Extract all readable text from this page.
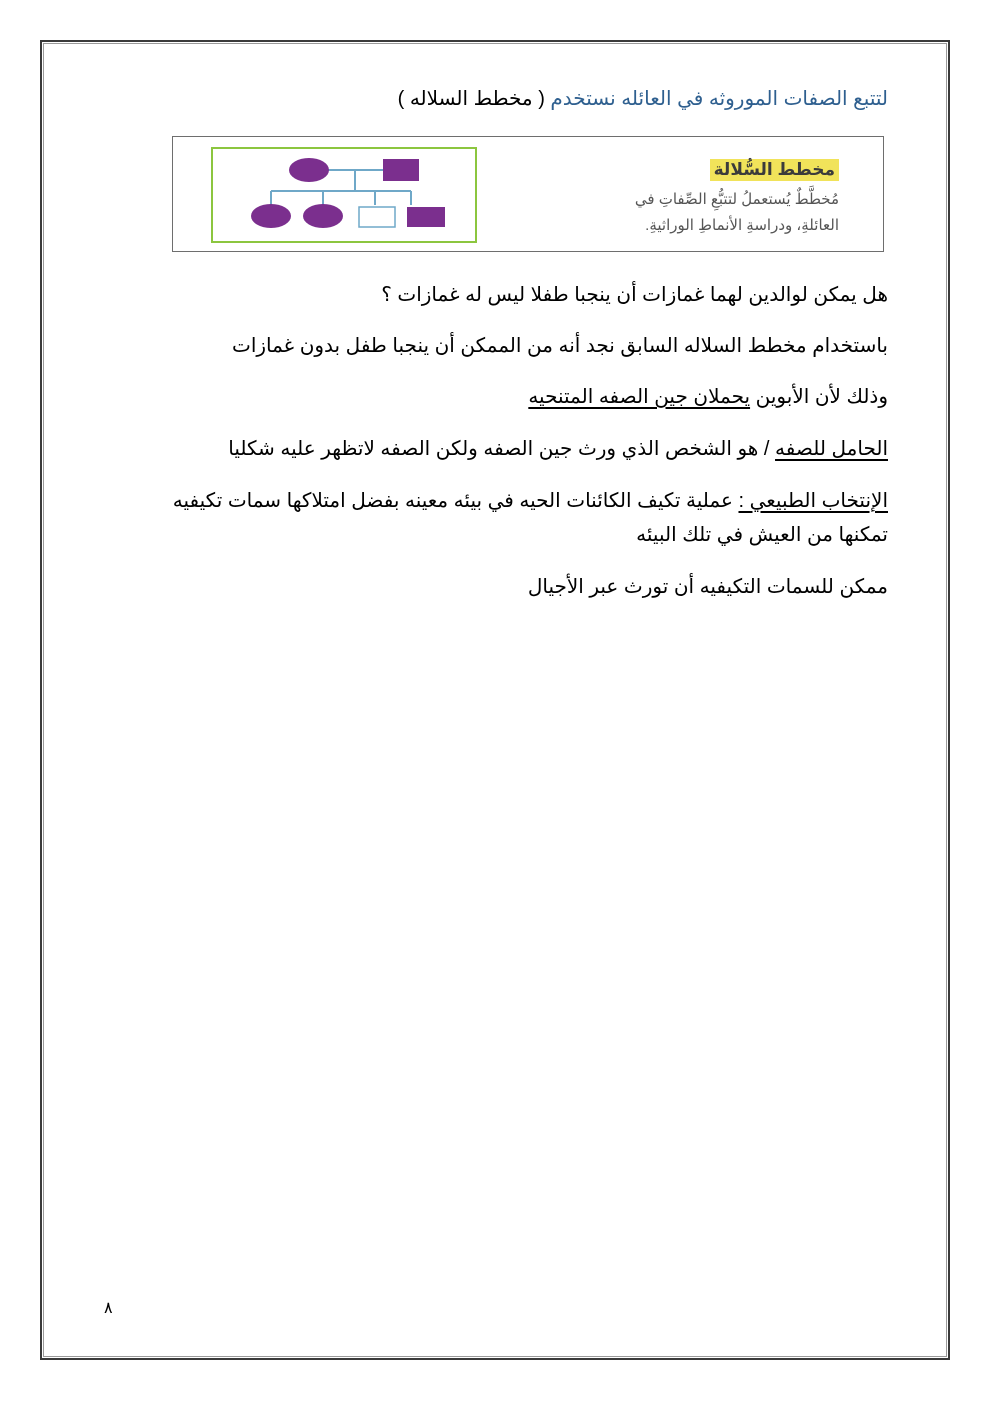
لتتبع الصفات الموروثه في العائله نستخدم ( مخطط السلاله )
مخطط السُّلالة
مُخطَّطٌ يُستعملُ لتتبُّعِ الصِّفاتِ في
العائلةِ، ودراسةِ الأنماطِ الوراثيةِ.
هل يمكن لوالدين لهما غمازات أن ينجبا طفلا ليس له غمازات ؟
باستخدام مخطط السلاله السابق نجد أنه من الممكن أن ينجبا طفل بدون غمازات
وذلك لأن الأبوين يحملان جين الصفه المتنحيه
الحامل للصفه / هو الشخص الذي ورث جين الصفه ولكن الصفه لاتظهر عليه شكليا
الإنتخاب الطبيعي : عملية تكيف الكائنات الحيه في بيئه معينه بفضل امتلاكها سمات تكيفيه
تمكنها من العيش في تلك البيئه
ممكن للسمات التكيفيه أن تورث عبر الأجيال
٨
